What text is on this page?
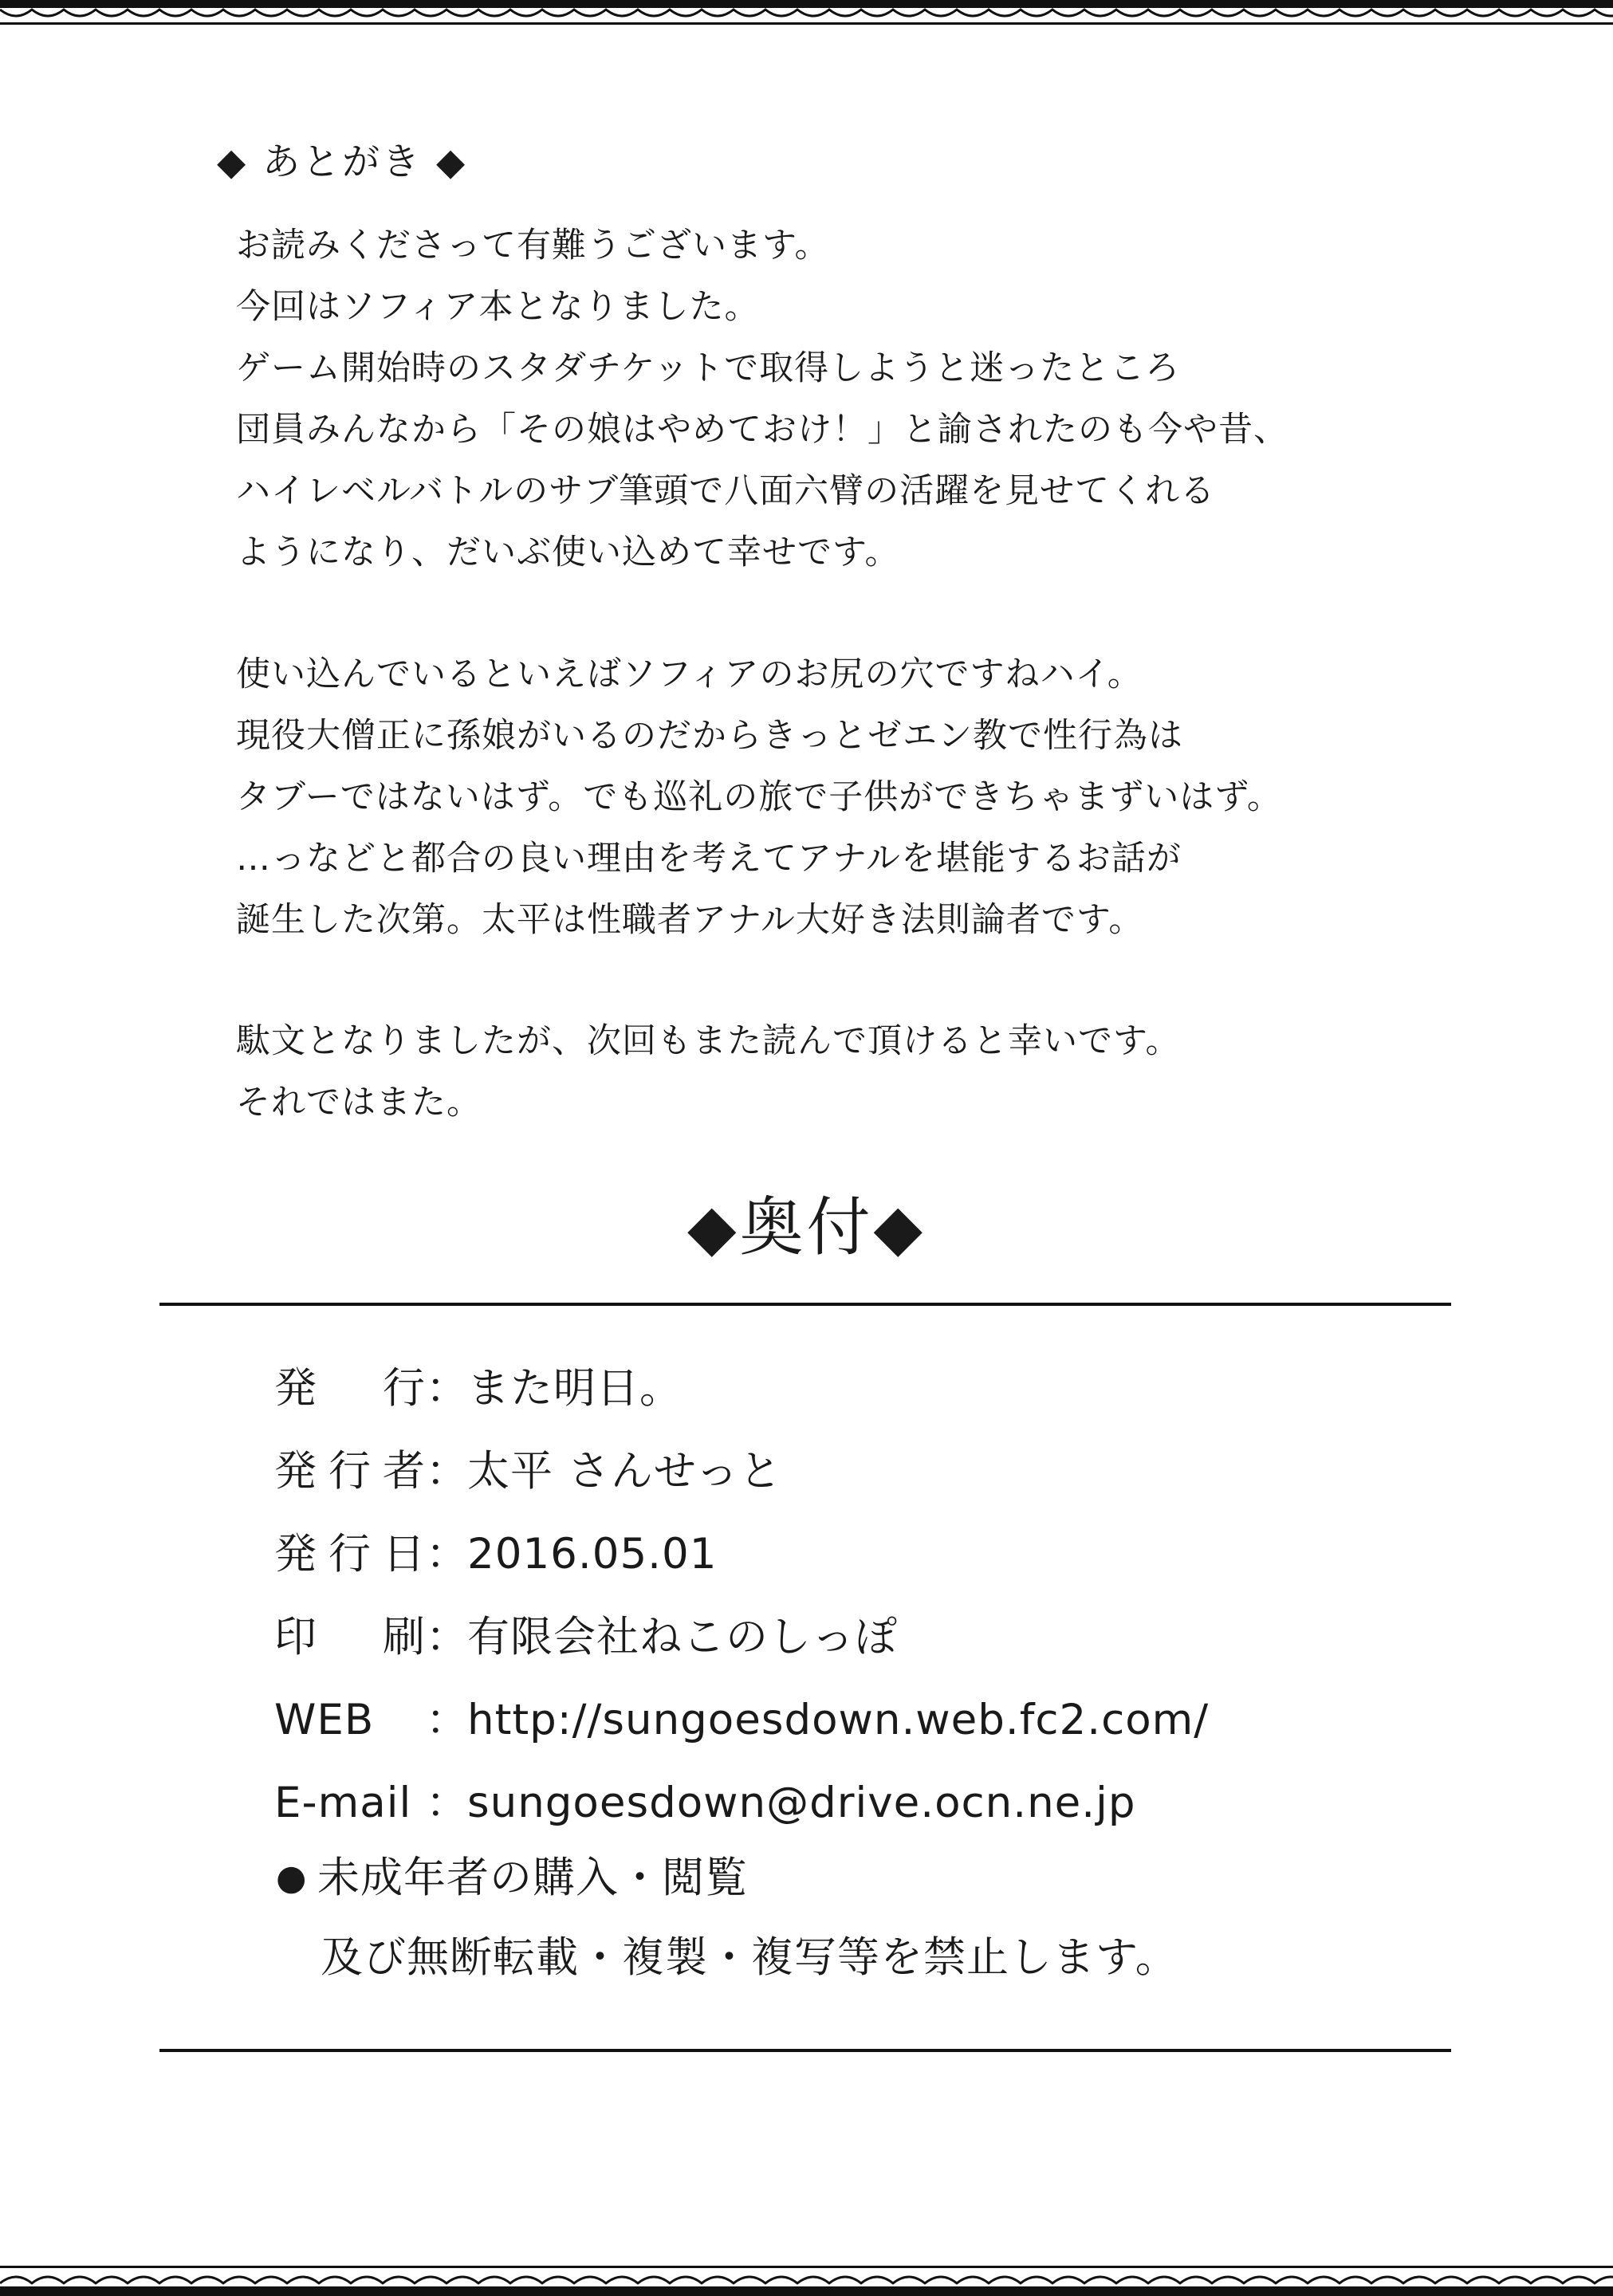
◆ あとがき ◆
お読みくださって有難うございます。
今回はソフィア本となりました。
ゲーム開始時のスタダチケットで取得しようと迷ったところ
団員みんなから「その娘はやめておけ！」と諭されたのも今や昔、
ハイレベルバトルのサブ筆頭で八面六臂の活躍を見せてくれる
ようになり、だいぶ使い込めて幸せです。
使い込んでいるといえばソフィアのお尻の穴ですねハイ。
現役大僧正に孫娘がいるのだからきっとゼエン教で性行為は
タブーではないはず。でも巡礼の旅で子供ができちゃまずいはず。
…っなどと都合の良い理由を考えてアナルを堪能するお話が
誕生した次第。太平は性職者アナル大好き法則論者です。
駄文となりましたが、次回もまた読んで頂けると幸いです。
それではまた。
◆奥付◆
発行 ：
また明日。
発行者 ：
太平 さんせっと
発行日 ：
2016.05.01
印刷 ：
有限会社ねこのしっぽ
WEB	：
http://sungoesdown.web.fc2.com/
E-mail ：
sungoesdown@drive.ocn.ne.jp
● 未成年者の購入・閲覧
及び無断転載・複製・複写等を禁止します。
